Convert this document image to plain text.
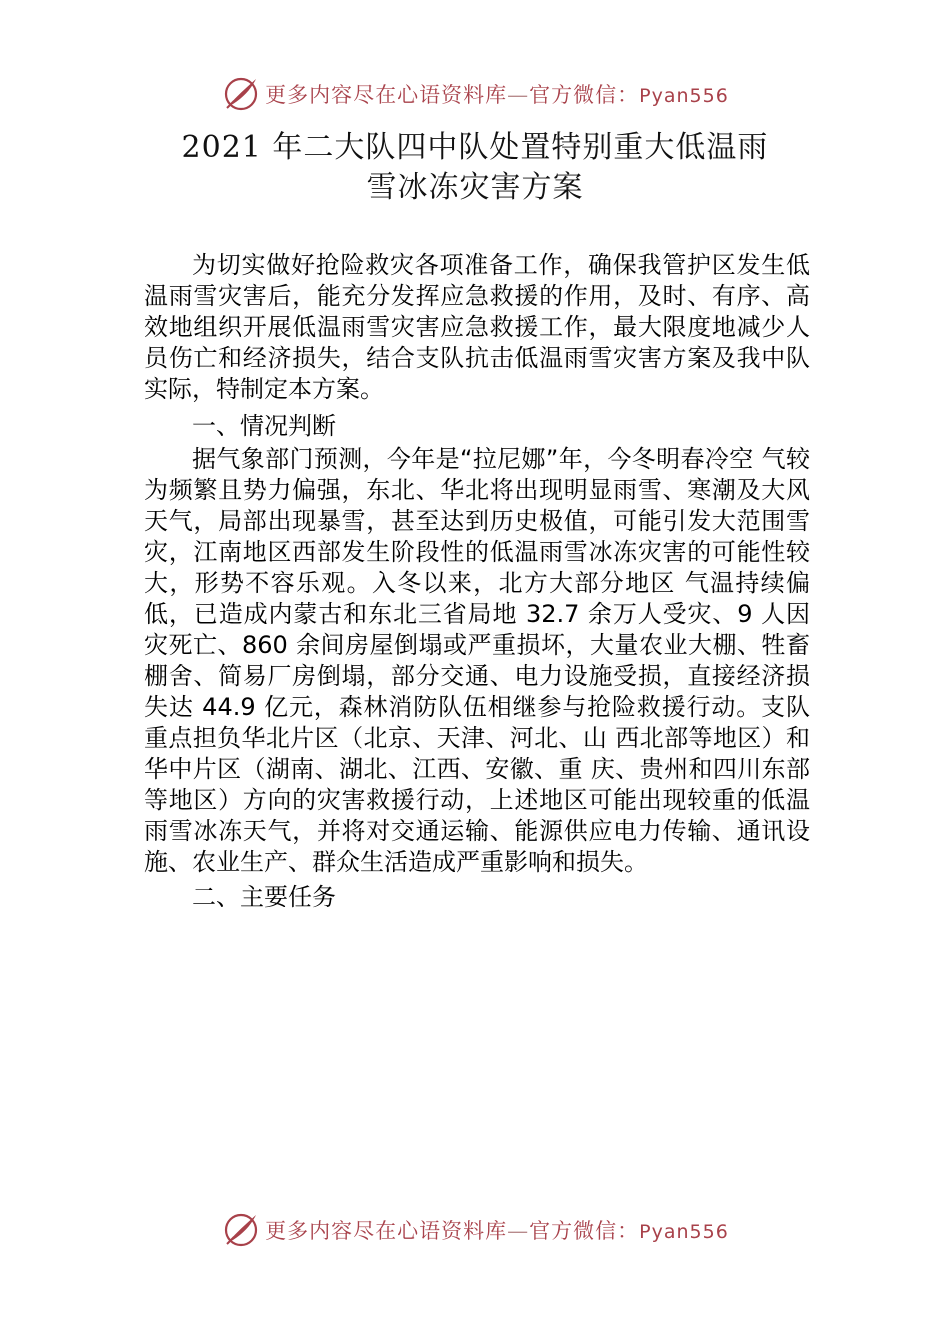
更多内容尽在心语资料库—官方微信：Pyan556
2021 年二大队四中队处置特别重大低温雨
雪冰冻灾害方案

为切实做好抢险救灾各项准备工作，确保我管护区发生低温雨雪灾害后，能充分发挥应急救援的作用，及时、有序、高效地组织开展低温雨雪灾害应急救援工作，最大限度地减少人员伤亡和经济损失，结合支队抗击低温雨雪灾害方案及我中队实际，特制定本方案。

一、情况判断

据气象部门预测，今年是“拉尼娜”年，今冬明春冷空 气较为频繁且势力偏强，东北、华北将出现明显雨雪、寒潮及大风天气，局部出现暴雪，甚至达到历史极值，可能引发大范围雪灾，江南地区西部发生阶段性的低温雨雪冰冻灾害的可能性较大，形势不容乐观。入冬以来，北方大部分地区 气温持续偏低，已造成内蒙古和东北三省局地 32.7 余万人受灾、9 人因灾死亡、860 余间房屋倒塌或严重损坏，大量农业大棚、牲畜棚舍、简易厂房倒塌，部分交通、电力设施受损，直接经济损失达 44.9 亿元，森林消防队伍相继参与抢险救援行动。支队重点担负华北片区（北京、天津、河北、山 西北部等地区）和华中片区（湖南、湖北、江西、安徽、重 庆、贵州和四川东部等地区）方向的灾害救援行动，上述地区可能出现较重的低温雨雪冰冻天气，并将对交通运输、能源供应电力传输、通讯设施、农业生产、群众生活造成严重影响和损失。

二、主要任务

更多内容尽在心语资料库—官方微信：Pyan556
